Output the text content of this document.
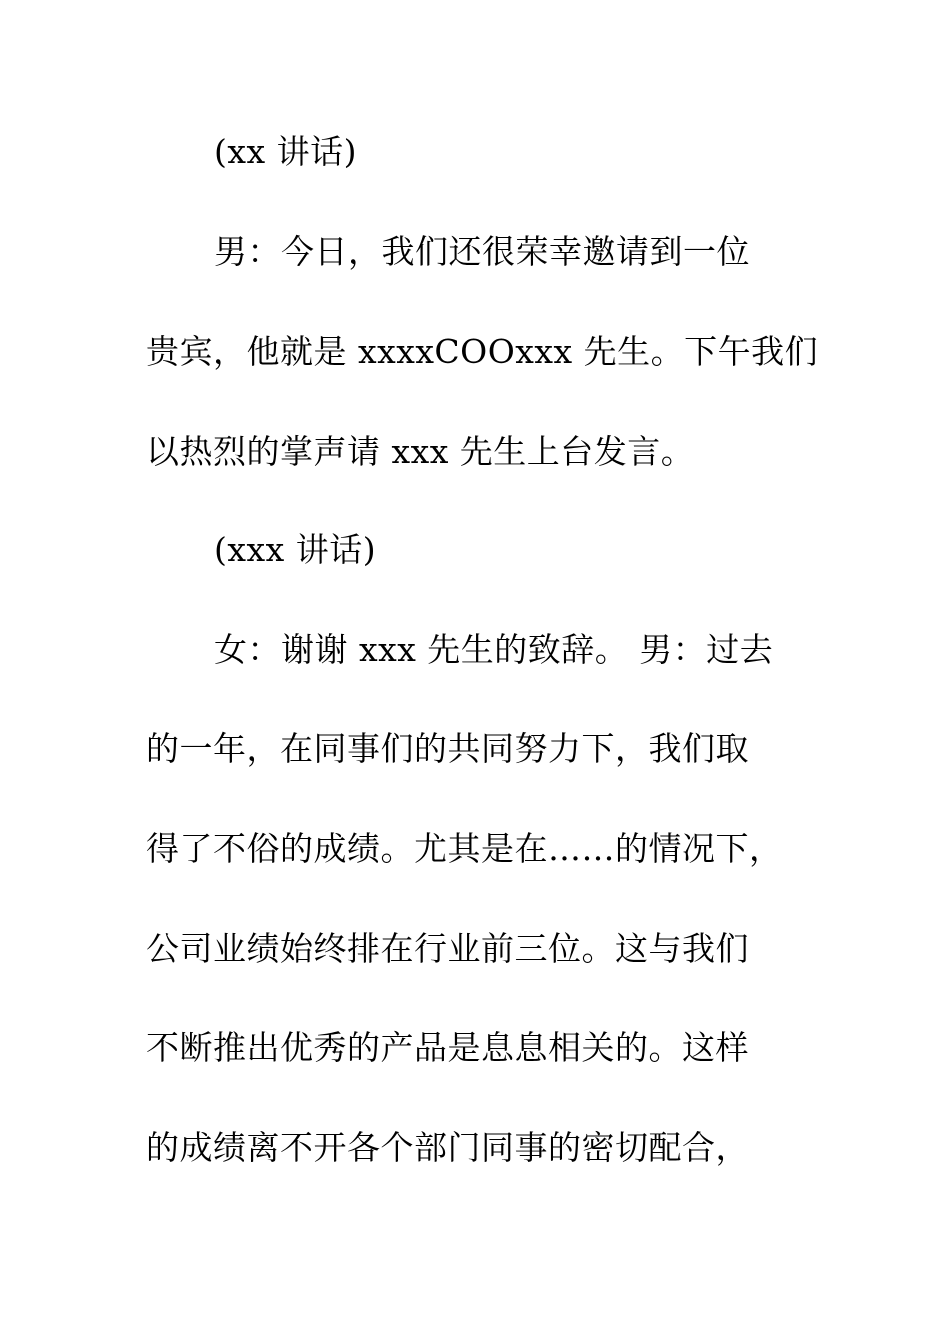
(xx 讲话)
男：今日，我们还很荣幸邀请到一位
贵宾，他就是 xxxxCOOxxx 先生。下午我们
以热烈的掌声请 xxx 先生上台发言。
(xxx 讲话)
女：谢谢 xxx 先生的致辞。 男：过去
的一年，在同事们的共同努力下，我们取
得了不俗的成绩。尤其是在……的情况下，
公司业绩始终排在行业前三位。这与我们
不断推出优秀的产品是息息相关的。这样
的成绩离不开各个部门同事的密切配合，
